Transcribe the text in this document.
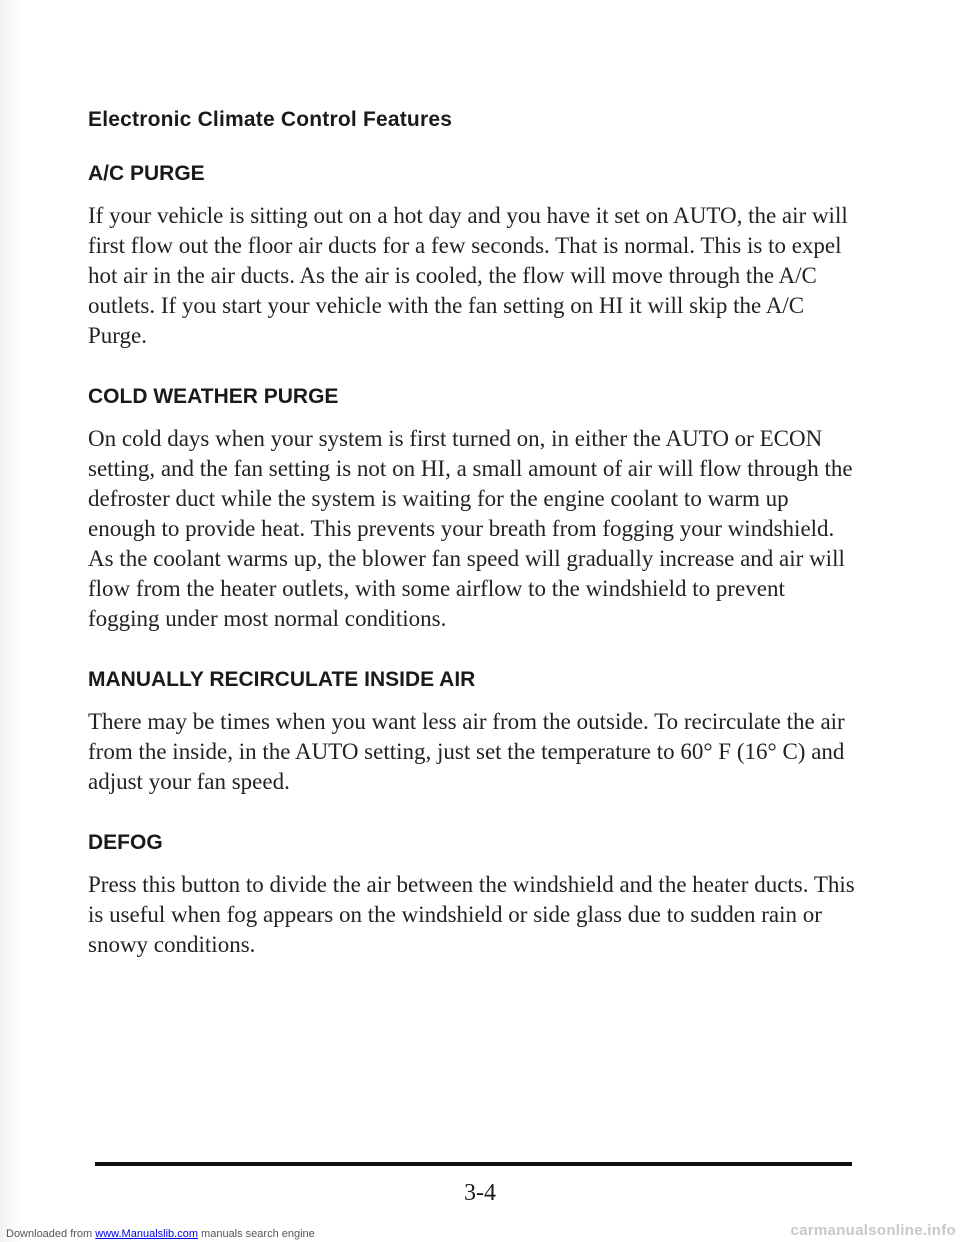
Electronic Climate Control Features
A/C PURGE

If your vehicle is sitting out on a hot day and you have it set on AUTO, the air will first flow out the floor air ducts for a few seconds. That is normal. This is to expel hot air in the air ducts. As the air is cooled, the flow will move through the A/C outlets. If you start your vehicle with the fan setting on HI it will skip the A/C Purge.

COLD WEATHER PURGE

On cold days when your system is first turned on, in either the AUTO or ECON setting, and the fan setting is not on HI, a small amount of air will flow through the defroster duct while the system is waiting for the engine coolant to warm up enough to provide heat. This prevents your breath from fogging your windshield. As the coolant warms up, the blower fan speed will gradually increase and air will flow from the heater outlets, with some airflow to the windshield to prevent fogging under most normal conditions.

MANUALLY RECIRCULATE INSIDE AIR

There may be times when you want less air from the outside. To recirculate the air from the inside, in the AUTO setting, just set the temperature to 60° F (16° C) and adjust your fan speed.

DEFOG

Press this button to divide the air between the windshield and the heater ducts. This is useful when fog appears on the windshield or side glass due to sudden rain or snowy conditions.

3-4
Downloaded from www.Manualslib.com manuals search engine	carmanualsonline.info
